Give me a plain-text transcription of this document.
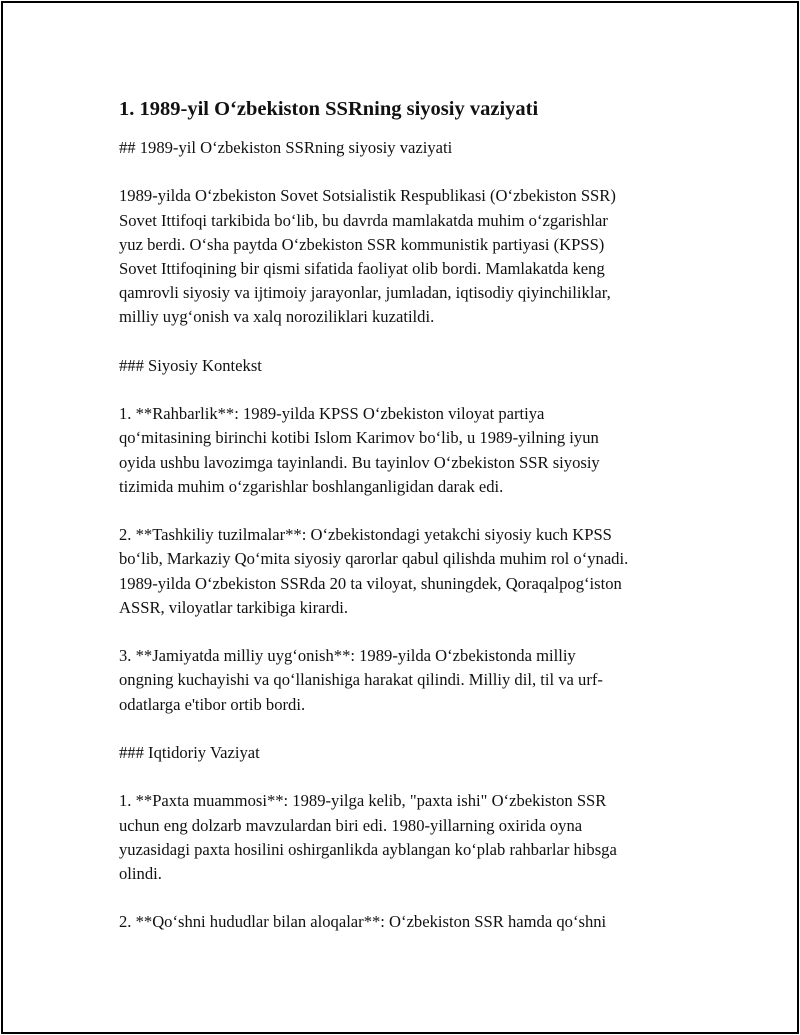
1. 1989-yil O‘zbekiston SSRning siyosiy vaziyati

## 1989-yil O‘zbekiston SSRning siyosiy vaziyati

1989-yilda O‘zbekiston Sovet Sotsialistik Respublikasi (O‘zbekiston SSR)
Sovet Ittifoqi tarkibida bo‘lib, bu davrda mamlakatda muhim o‘zgarishlar
yuz berdi. O‘sha paytda O‘zbekiston SSR kommunistik partiyasi (KPSS)
Sovet Ittifoqining bir qismi sifatida faoliyat olib bordi. Mamlakatda keng
qamrovli siyosiy va ijtimoiy jarayonlar, jumladan, iqtisodiy qiyinchiliklar,
milliy uyg‘onish va xalq noroziliklari kuzatildi.

### Siyosiy Kontekst

1. **Rahbarlik**: 1989-yilda KPSS O‘zbekiston viloyat partiya
qo‘mitasining birinchi kotibi Islom Karimov bo‘lib, u 1989-yilning iyun
oyida ushbu lavozimga tayinlandi. Bu tayinlov O‘zbekiston SSR siyosiy
tizimida muhim o‘zgarishlar boshlanganligidan darak edi.

2. **Tashkiliy tuzilmalar**: O‘zbekistondagi yetakchi siyosiy kuch KPSS
bo‘lib, Markaziy Qo‘mita siyosiy qarorlar qabul qilishda muhim rol o‘ynadi.
1989-yilda O‘zbekiston SSRda 20 ta viloyat, shuningdek, Qoraqalpog‘iston
ASSR, viloyatlar tarkibiga kirardi.

3. **Jamiyatda milliy uyg‘onish**: 1989-yilda O‘zbekistonda milliy
ongning kuchayishi va qo‘llanishiga harakat qilindi. Milliy dil, til va urf-
odatlarga e'tibor ortib bordi.

### Iqtidoriy Vaziyat

1. **Paxta muammosi**: 1989-yilga kelib, "paxta ishi" O‘zbekiston SSR
uchun eng dolzarb mavzulardan biri edi. 1980-yillarning oxirida oyna
yuzasidagi paxta hosilini oshirganlikda ayblangan ko‘plab rahbarlar hibsga
olindi.

2. **Qo‘shni hududlar bilan aloqalar**: O‘zbekiston SSR hamda qo‘shni
